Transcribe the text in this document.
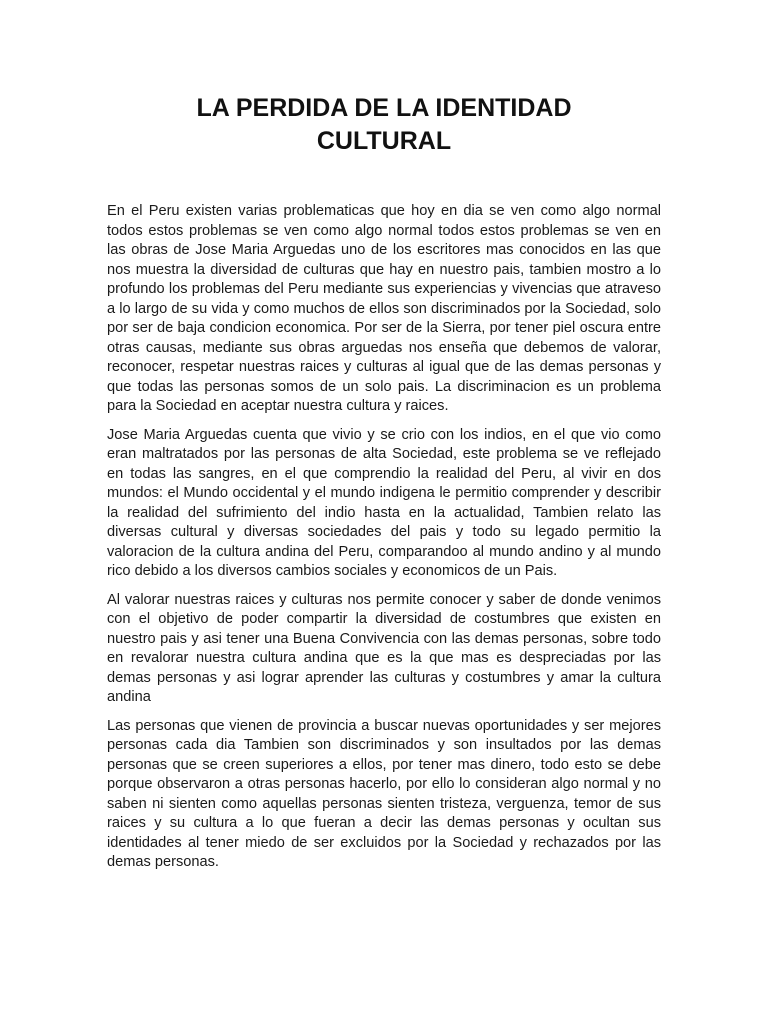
LA PERDIDA DE LA IDENTIDAD
CULTURAL

En el Peru existen varias problematicas que hoy en dia se ven como algo normal todos estos problemas se ven como algo normal todos estos problemas se ven en las obras de Jose Maria Arguedas uno de los escritores mas conocidos en las que nos muestra la diversidad de culturas que hay en nuestro pais, tambien mostro a lo profundo los problemas del Peru mediante sus experiencias y vivencias que atraveso a lo largo de su vida y como muchos de ellos son discriminados por la Sociedad, solo por ser de baja condicion economica. Por ser de la Sierra, por tener piel oscura entre otras causas, mediante sus obras arguedas nos enseña que debemos de valorar, reconocer, respetar nuestras raices y culturas al igual que de las demas personas y que todas las personas somos de un solo pais. La discriminacion es un problema para la Sociedad en aceptar nuestra cultura y raices.

Jose Maria Arguedas cuenta que vivio y se crio con los indios, en el que vio como eran maltratados por las personas de alta Sociedad, este problema se ve reflejado en todas las sangres, en el que comprendio la realidad del Peru, al vivir en dos mundos: el Mundo occidental y el mundo indigena le permitio comprender y describir la realidad del sufrimiento del indio hasta en la actualidad, Tambien relato las diversas cultural y diversas sociedades del pais y todo su legado permitio la valoracion de la cultura andina del Peru, comparandoo al mundo andino y al mundo rico debido a los diversos cambios sociales y economicos de un Pais.

Al valorar nuestras raices y culturas nos permite conocer y saber de donde venimos con el objetivo de poder compartir la diversidad de costumbres que existen en nuestro pais y asi tener una Buena Convivencia con las demas personas, sobre todo en revalorar nuestra cultura andina que es la que mas es despreciadas por las demas personas y asi lograr aprender las culturas y costumbres y amar la cultura andina

Las personas que vienen de provincia a buscar nuevas oportunidades y ser mejores personas cada dia Tambien son discriminados y son insultados por las demas personas que se creen superiores a ellos, por tener mas dinero, todo esto se debe porque observaron a otras personas hacerlo, por ello lo consideran algo normal y no saben ni sienten como aquellas personas sienten tristeza, verguenza, temor de sus raices y su cultura a lo que fueran a decir las demas personas y ocultan sus identidades al tener miedo de ser excluidos por la Sociedad y rechazados por las demas personas.
